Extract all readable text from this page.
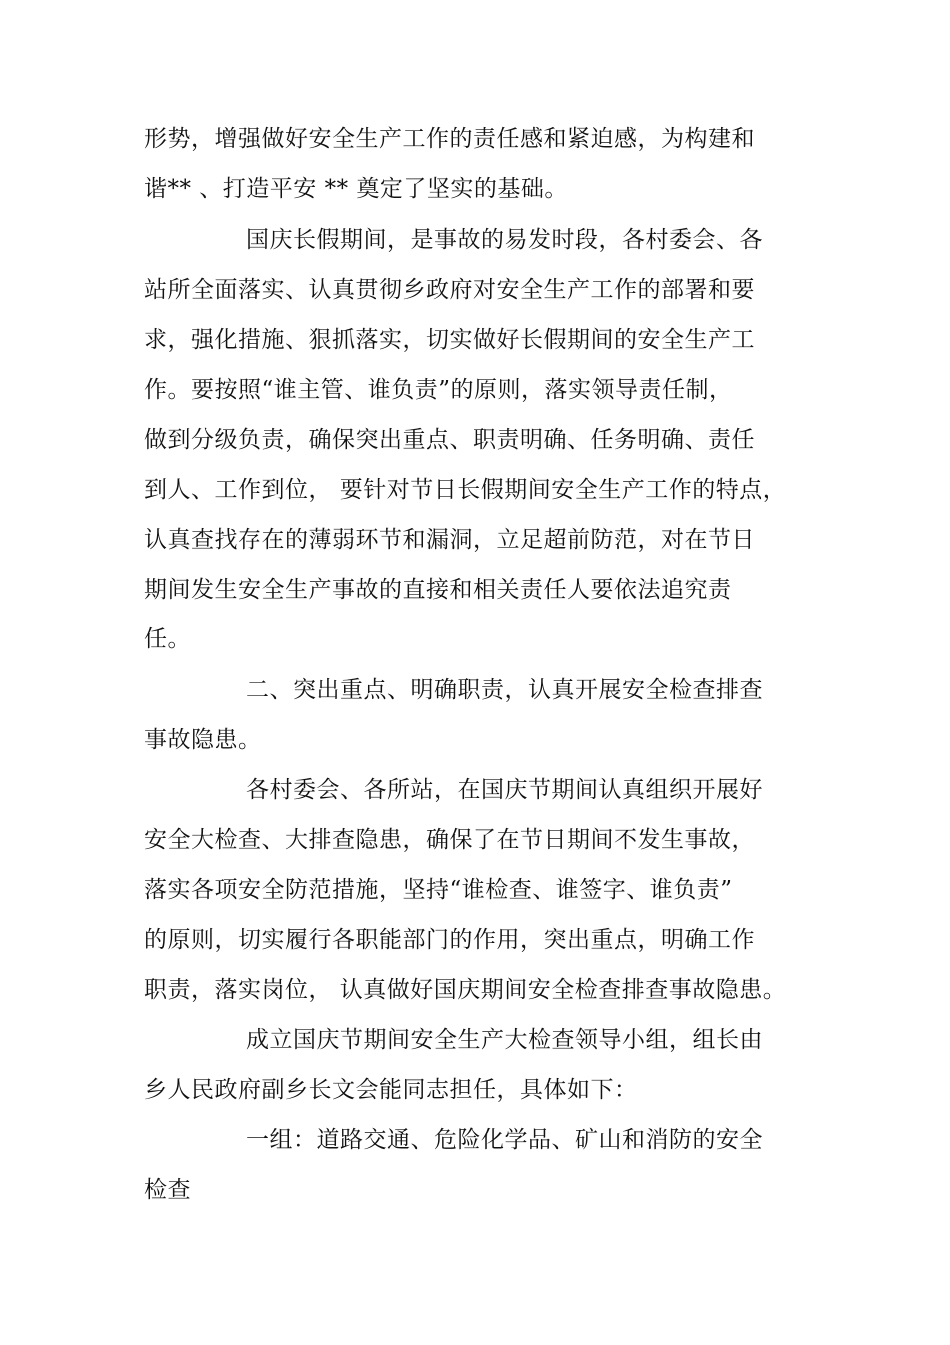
形势，增强做好安全生产工作的责任感和紧迫感，为构建和
谐** 、打造平安 ** 奠定了坚实的基础。
国庆长假期间，是事故的易发时段，各村委会、各
站所全面落实、认真贯彻乡政府对安全生产工作的部署和要
求，强化措施、狠抓落实，切实做好长假期间的安全生产工
作。要按照“谁主管、谁负责”的原则，落实领导责任制，
做到分级负责，确保突出重点、职责明确、任务明确、责任
到人、工作到位， 要针对节日长假期间安全生产工作的特点，
认真查找存在的薄弱环节和漏洞，立足超前防范，对在节日
期间发生安全生产事故的直接和相关责任人要依法追究责
任。
二、突出重点、明确职责，认真开展安全检查排查
事故隐患。
各村委会、各所站，在国庆节期间认真组织开展好
安全大检查、大排查隐患，确保了在节日期间不发生事故，
落实各项安全防范措施，坚持“谁检查、谁签字、谁负责”
的原则，切实履行各职能部门的作用，突出重点，明确工作
职责，落实岗位， 认真做好国庆期间安全检查排查事故隐患。
成立国庆节期间安全生产大检查领导小组，组长由
乡人民政府副乡长文会能同志担任，具体如下：
一组：道路交通、危险化学品、矿山和消防的安全
检查
